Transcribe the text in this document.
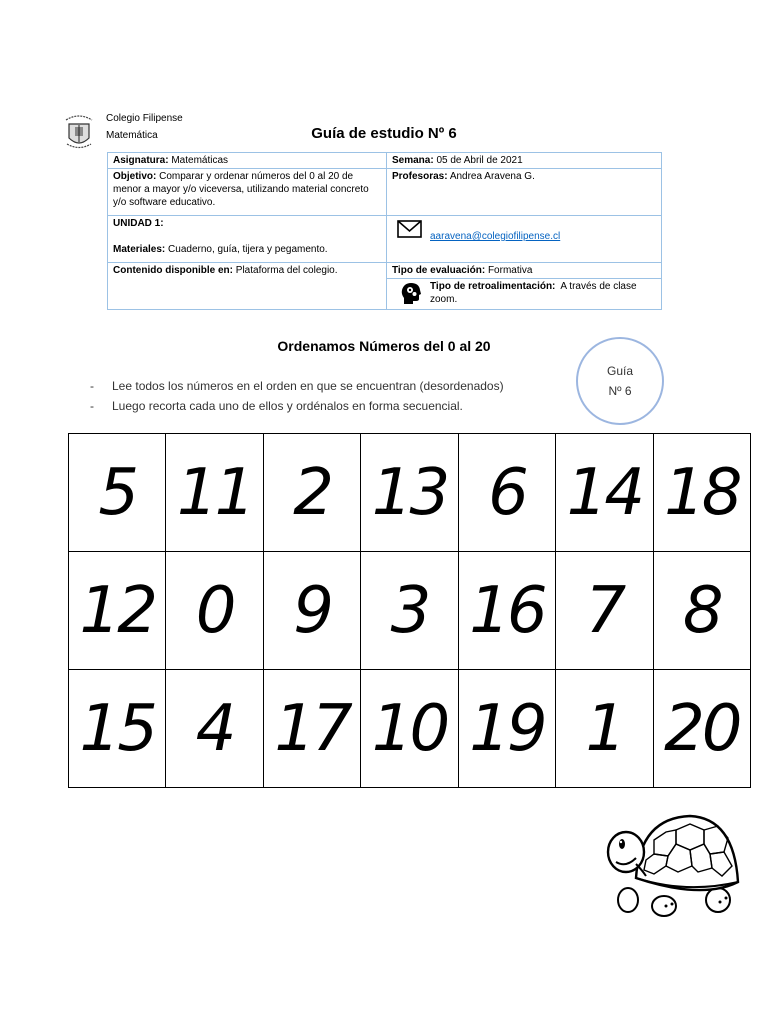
Colegio Filipense
Matemática	Guía de estudio Nº 6
Asignatura: Matemáticas	Semana: 05 de Abril de 2021
Objetivo: Comparar y ordenar números del 0 al 20 de menor a mayor y/o viceversa, utilizando material concreto y/o software educativo.	Profesoras: Andrea Aravena G.

UNIDAD 1:
Materiales: Cuaderno, guía, tijera y pegamento.	aaravena@colegiofilipense.cl

Contenido disponible en: Plataforma del colegio.	Tipo de evaluación: Formativa

Tipo de retroalimentación: A través de clase zoom.
Ordenamos Números del 0 al 20
- Lee todos los números en el orden en que se encuentran (desordenados)
- Luego recorta cada uno de ellos y ordénalos en forma secuencial.
Guía
Nº 6
5 11 2 13 6 14 18
12 0 9 3 16 7 8
15 4 17 10 19 1 20
